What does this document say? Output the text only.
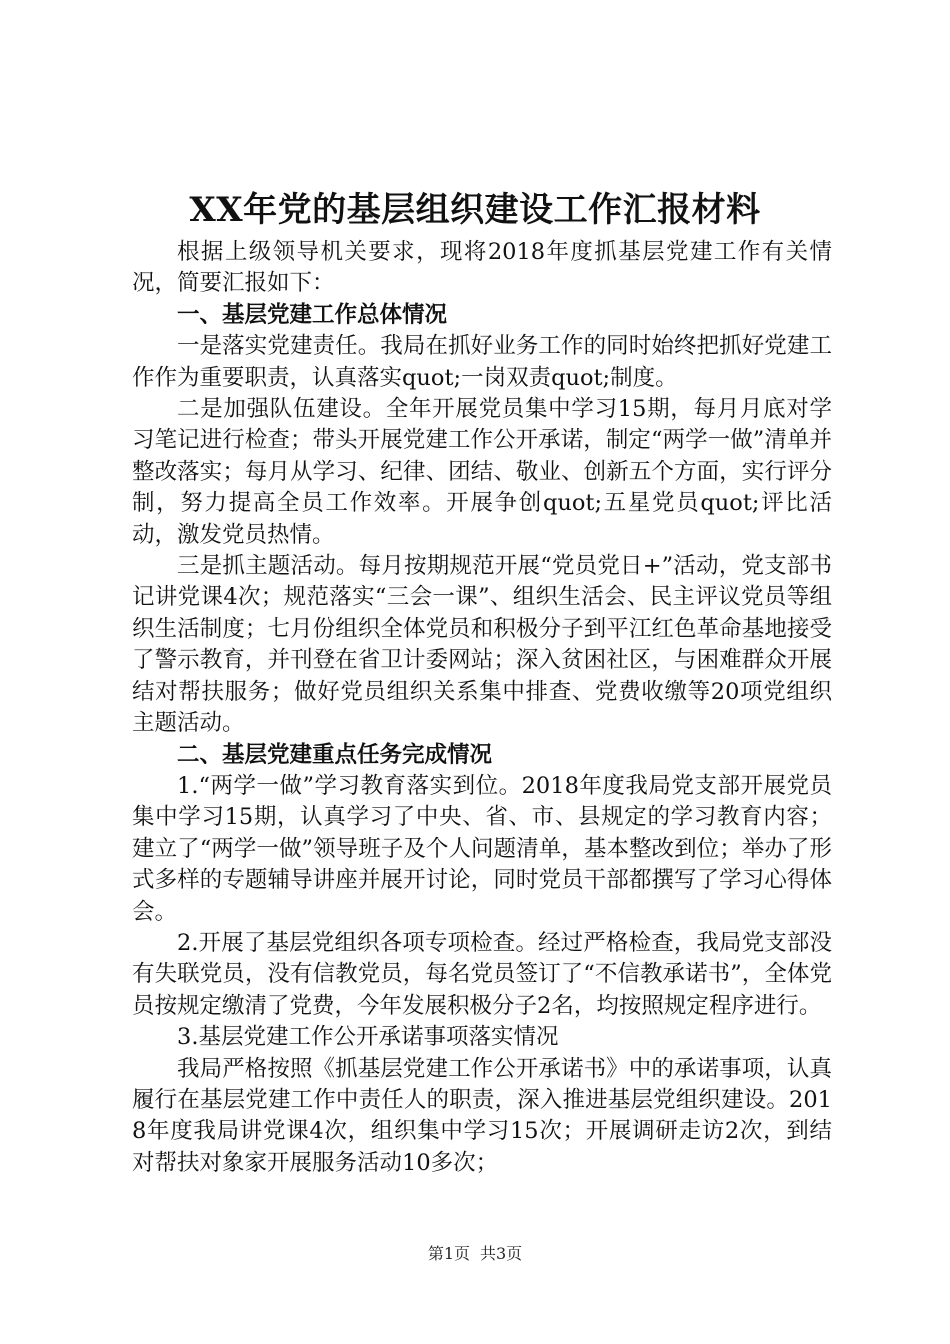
XX年党的基层组织建设工作汇报材料

根据上级领导机关要求，现将2018年度抓基层党建工作有关情况，简要汇报如下：

一、基层党建工作总体情况

一是落实党建责任。我局在抓好业务工作的同时始终把抓好党建工作作为重要职责，认真落实quot;一岗双责quot;制度。

二是加强队伍建设。全年开展党员集中学习15期，每月月底对学习笔记进行检查；带头开展党建工作公开承诺，制定“两学一做”清单并整改落实；每月从学习、纪律、团结、敬业、创新五个方面，实行评分制，努力提高全员工作效率。开展争创quot;五星党员quot;评比活动，激发党员热情。

三是抓主题活动。每月按期规范开展“党员党日+”活动，党支部书记讲党课4次；规范落实“三会一课”、组织生活会、民主评议党员等组织生活制度；七月份组织全体党员和积极分子到平江红色革命基地接受了警示教育，并刊登在省卫计委网站；深入贫困社区，与困难群众开展结对帮扶服务；做好党员组织关系集中排查、党费收缴等20项党组织主题活动。

二、基层党建重点任务完成情况

1.“两学一做”学习教育落实到位。2018年度我局党支部开展党员集中学习15期，认真学习了中央、省、市、县规定的学习教育内容；建立了“两学一做”领导班子及个人问题清单，基本整改到位；举办了形式多样的专题辅导讲座并展开讨论，同时党员干部都撰写了学习心得体会。

2.开展了基层党组织各项专项检查。经过严格检查，我局党支部没有失联党员，没有信教党员，每名党员签订了“不信教承诺书”，全体党员按规定缴清了党费，今年发展积极分子2名，均按照规定程序进行。

3.基层党建工作公开承诺事项落实情况

我局严格按照《抓基层党建工作公开承诺书》中的承诺事项，认真履行在基层党建工作中责任人的职责，深入推进基层党组织建设。2018年度我局讲党课4次，组织集中学习15次；开展调研走访2次，到结对帮扶对象家开展服务活动10多次；

第1页 共3页
